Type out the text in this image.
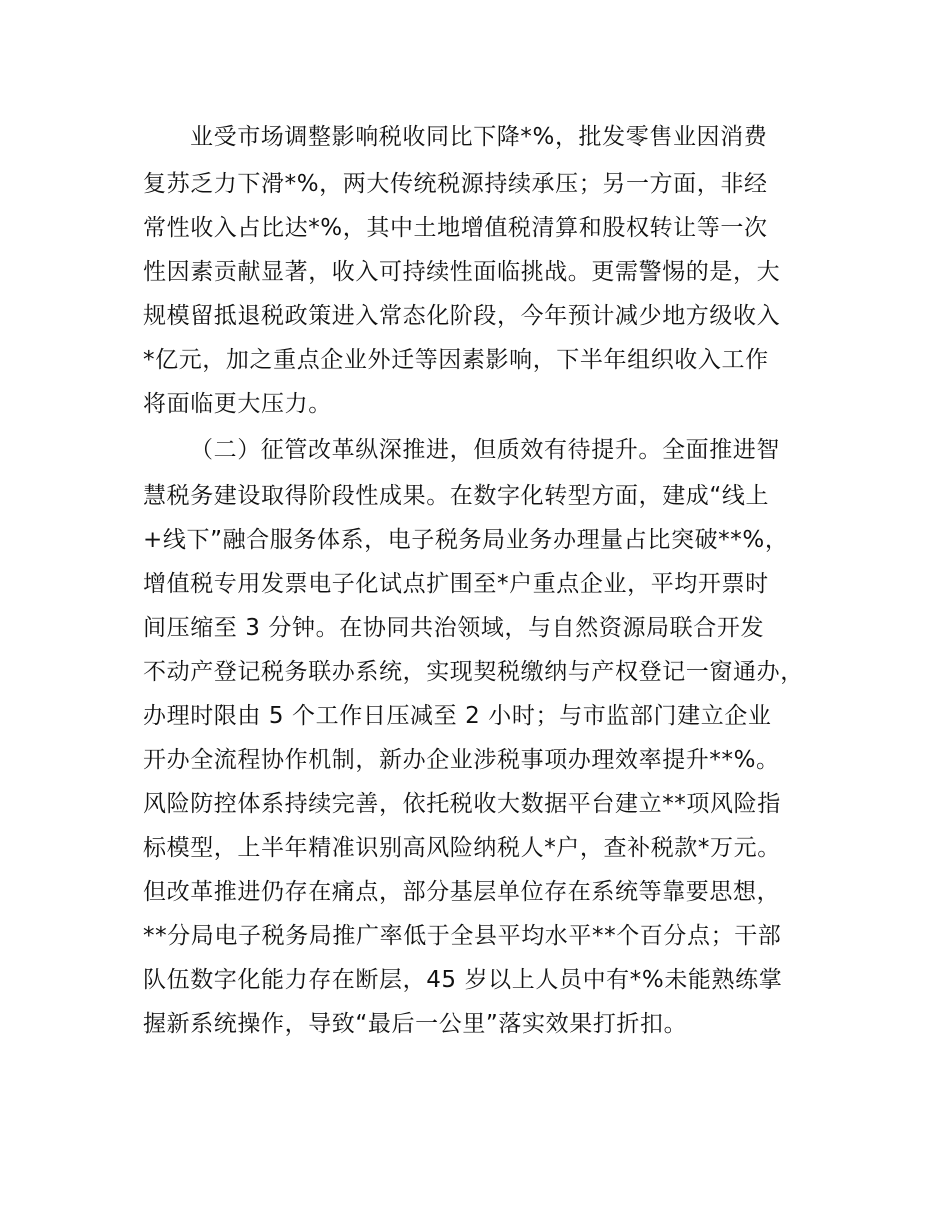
业受市场调整影响税收同比下降*%，批发零售业因消费
复苏乏力下滑*%，两大传统税源持续承压；另一方面，非经
常性收入占比达*%，其中土地增值税清算和股权转让等一次
性因素贡献显著，收入可持续性面临挑战。更需警惕的是，大
规模留抵退税政策进入常态化阶段，今年预计减少地方级收入
*亿元，加之重点企业外迁等因素影响，下半年组织收入工作
将面临更大压力。
（二）征管改革纵深推进，但质效有待提升。全面推进智
慧税务建设取得阶段性成果。在数字化转型方面，建成“线上
+线下”融合服务体系，电子税务局业务办理量占比突破**%，
增值税专用发票电子化试点扩围至*户重点企业，平均开票时
间压缩至 3 分钟。在协同共治领域，与自然资源局联合开发
不动产登记税务联办系统，实现契税缴纳与产权登记一窗通办，
办理时限由 5 个工作日压减至 2 小时；与市监部门建立企业
开办全流程协作机制，新办企业涉税事项办理效率提升**%。
风险防控体系持续完善，依托税收大数据平台建立**项风险指
标模型，上半年精准识别高风险纳税人*户，查补税款*万元。
但改革推进仍存在痛点，部分基层单位存在系统等靠要思想，
**分局电子税务局推广率低于全县平均水平**个百分点；干部
队伍数字化能力存在断层，45 岁以上人员中有*%未能熟练掌
握新系统操作，导致“最后一公里”落实效果打折扣。
